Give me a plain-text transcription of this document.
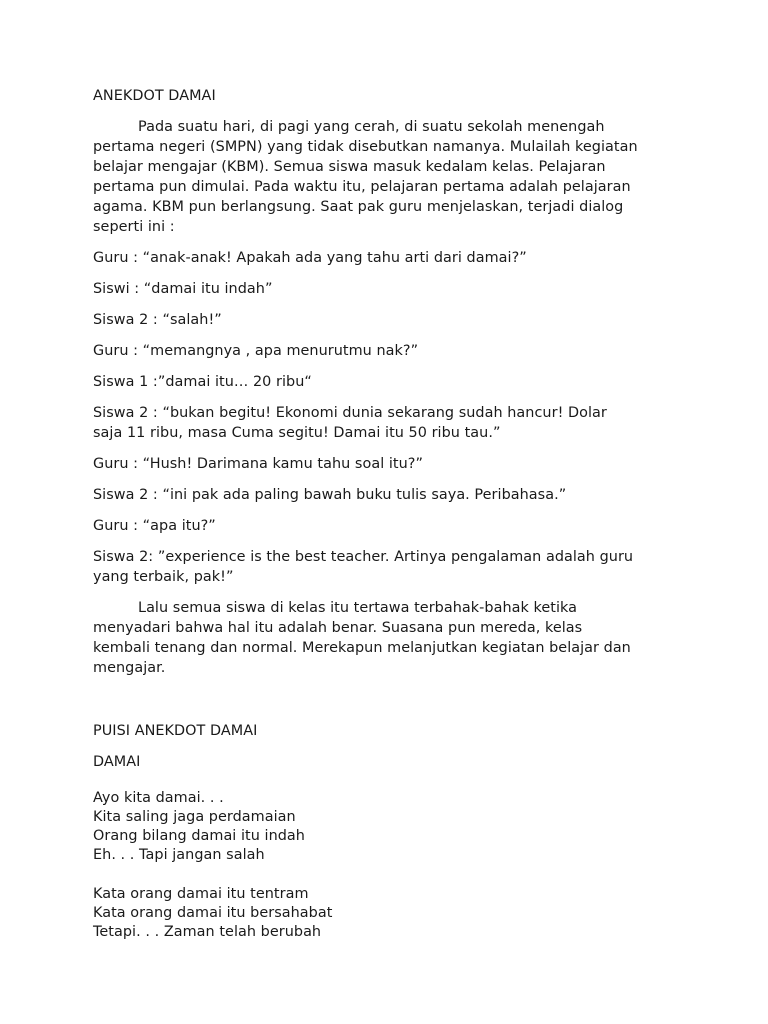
ANEKDOT DAMAI
Pada suatu hari, di pagi yang cerah, di suatu sekolah menengah
pertama negeri (SMPN) yang tidak disebutkan namanya. Mulailah kegiatan
belajar mengajar (KBM). Semua siswa masuk kedalam kelas. Pelajaran
pertama pun dimulai. Pada waktu itu, pelajaran pertama adalah pelajaran
agama. KBM pun berlangsung. Saat pak guru menjelaskan, terjadi dialog
seperti ini :
Guru : “anak-anak! Apakah ada yang tahu arti dari damai?”
Siswi : “damai itu indah”
Siswa 2 : “salah!”
Guru : “memangnya , apa menurutmu nak?”
Siswa 1 :”damai itu… 20 ribu“
Siswa 2 : “bukan begitu! Ekonomi dunia sekarang sudah hancur! Dolar
saja 11 ribu, masa Cuma segitu! Damai itu 50 ribu tau.”
Guru : “Hush! Darimana kamu tahu soal itu?”
Siswa 2 : “ini pak ada paling bawah buku tulis saya. Peribahasa.”
Guru : “apa itu?”
Siswa 2: ”experience is the best teacher. Artinya pengalaman adalah guru
yang terbaik, pak!”
Lalu semua siswa di kelas itu tertawa terbahak-bahak ketika
menyadari bahwa hal itu adalah benar. Suasana pun mereda, kelas
kembali tenang dan normal. Merekapun melanjutkan kegiatan belajar dan
mengajar.
PUISI ANEKDOT DAMAI
DAMAI
Ayo kita damai. . .
Kita saling jaga perdamaian
Orang bilang damai itu indah
Eh. . . Tapi jangan salah
Kata orang damai itu tentram
Kata orang damai itu bersahabat
Tetapi. . . Zaman telah berubah
